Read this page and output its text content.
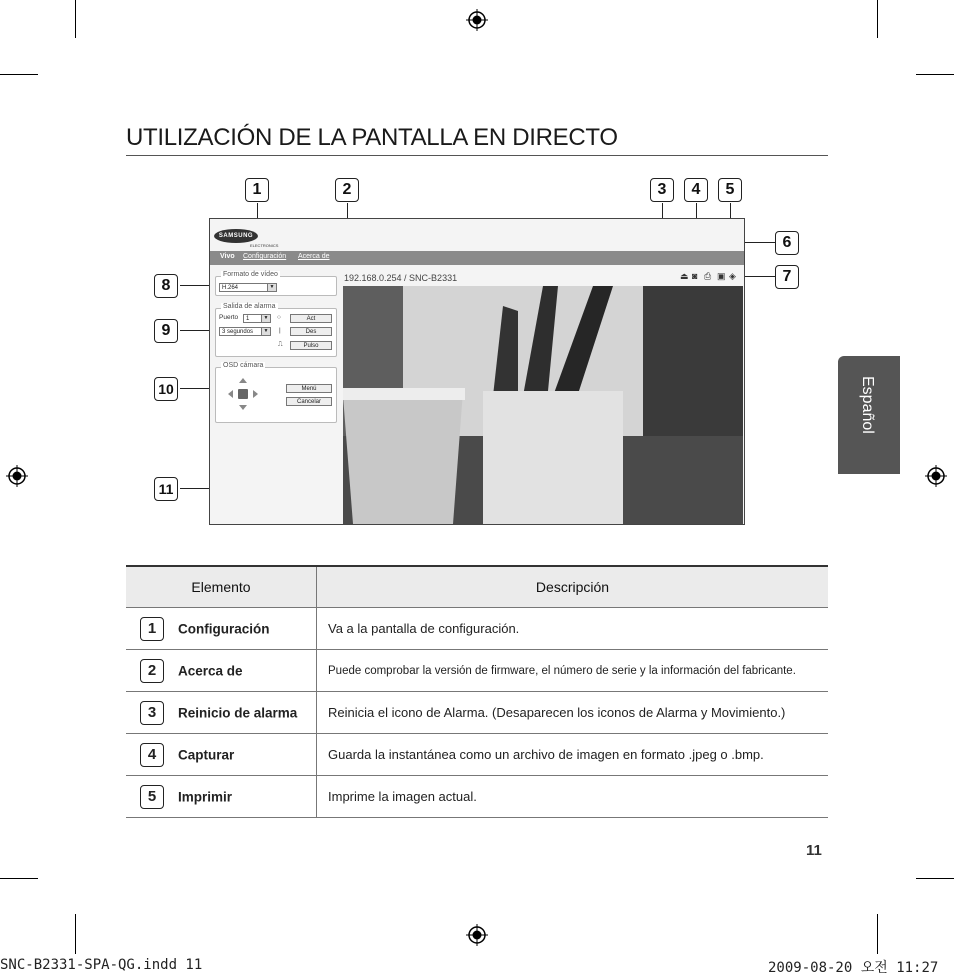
UTILIZACIÓN DE LA PANTALLA EN DIRECTO
Español
1	2	3	4	5
6
7
8
9
10
11
SAMSUNG
ELECTRONICS
Vivo Configuración Acerca de
H.264	▼
Formato de vídeo
Puerto	1	▼ ○	Act
3 segundos	▼ |	Des
⎍	Pulso
Salida de alarma
Menú
Cancelar
OSD cámara
192.168.0.254 / SNC-B2331	⏏ ◙ ⎙ ▣ ◈
Elemento	Descripción
1 Configuración	Va a la pantalla de configuración.
2 Acerca de	Puede comprobar la versión de firmware, el número de serie y la información del fabricante.
3 Reinicio de alarma	Reinicia el icono de Alarma. (Desaparecen los iconos de Alarma y Movimiento.)
4 Capturar	Guarda la instantánea como un archivo de imagen en formato .jpeg o .bmp.
5 Imprimir	Imprime la imagen actual.
11
SNC-B2331-SPA-QG.indd 11	2009-08-20 오전 11:27
